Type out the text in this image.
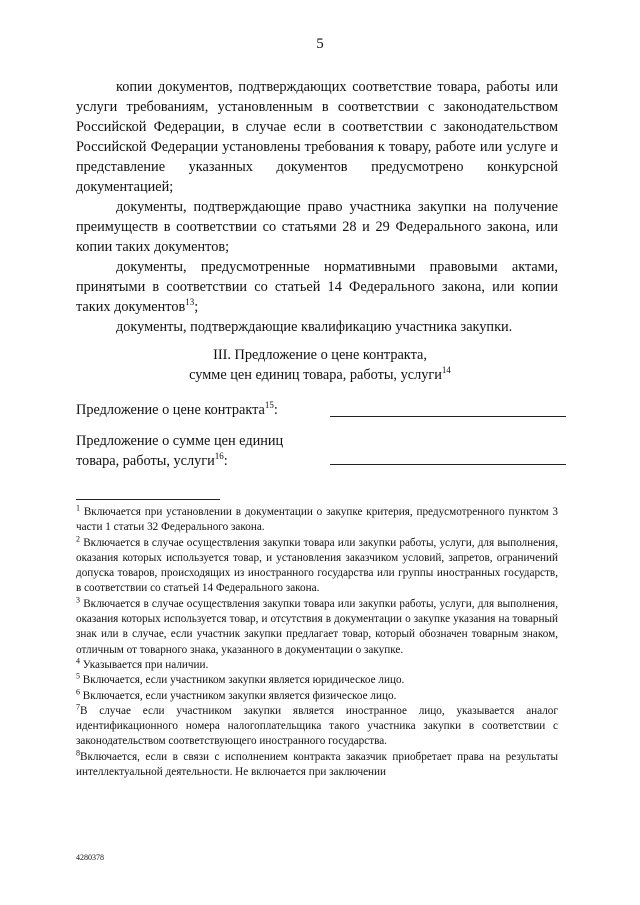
5

копии документов, подтверждающих соответствие товара, работы или услуги требованиям, установленным в соответствии с законодательством Российской Федерации, в случае если в соответствии с законодательством Российской Федерации установлены требования к товару, работе или услуге и представление указанных документов предусмотрено конкурсной документацией;

документы, подтверждающие право участника закупки на получение преимуществ в соответствии со статьями 28 и 29 Федерального закона, или копии таких документов;

документы, предусмотренные нормативными правовыми актами, принятыми в соответствии со статьей 14 Федерального закона, или копии таких документов$^{13}$;

документы, подтверждающие квалификацию участника закупки.

III. Предложение о цене контракта,
сумме цен единиц товара, работы, услуги$^{14}$
Предложение о цене контракта$^{15}$:
Предложение о сумме цен единиц
товара, работы, услуги$^{16}$:

$^1$ Включается при установлении в документации о закупке критерия, предусмотренного пунктом 3 части 1 статьи 32 Федерального закона.

$^2$ Включается в случае осуществления закупки товара или закупки работы, услуги, для выполнения, оказания которых используется товар, и установления заказчиком условий, запретов, ограничений допуска товаров, происходящих из иностранного государства или группы иностранных государств, в соответствии со статьей 14 Федерального закона.

$^3$ Включается в случае осуществления закупки товара или закупки работы, услуги, для выполнения, оказания которых используется товар, и отсутствия в документации о закупке указания на товарный знак или в случае, если участник закупки предлагает товар, который обозначен товарным знаком, отличным от товарного знака, указанного в документации о закупке.

$^4$ Указывается при наличии.

$^5$ Включается, если участником закупки является юридическое лицо.

$^6$ Включается, если участником закупки является физическое лицо.

$^7$В случае если участником закупки является иностранное лицо, указывается аналог идентификационного номера налогоплательщика такого участника закупки в соответствии с законодательством соответствующего иностранного государства.

$^8$Включается, если в связи с исполнением контракта заказчик приобретает права на результаты интеллектуальной деятельности. Не включается при заключении

4280378
